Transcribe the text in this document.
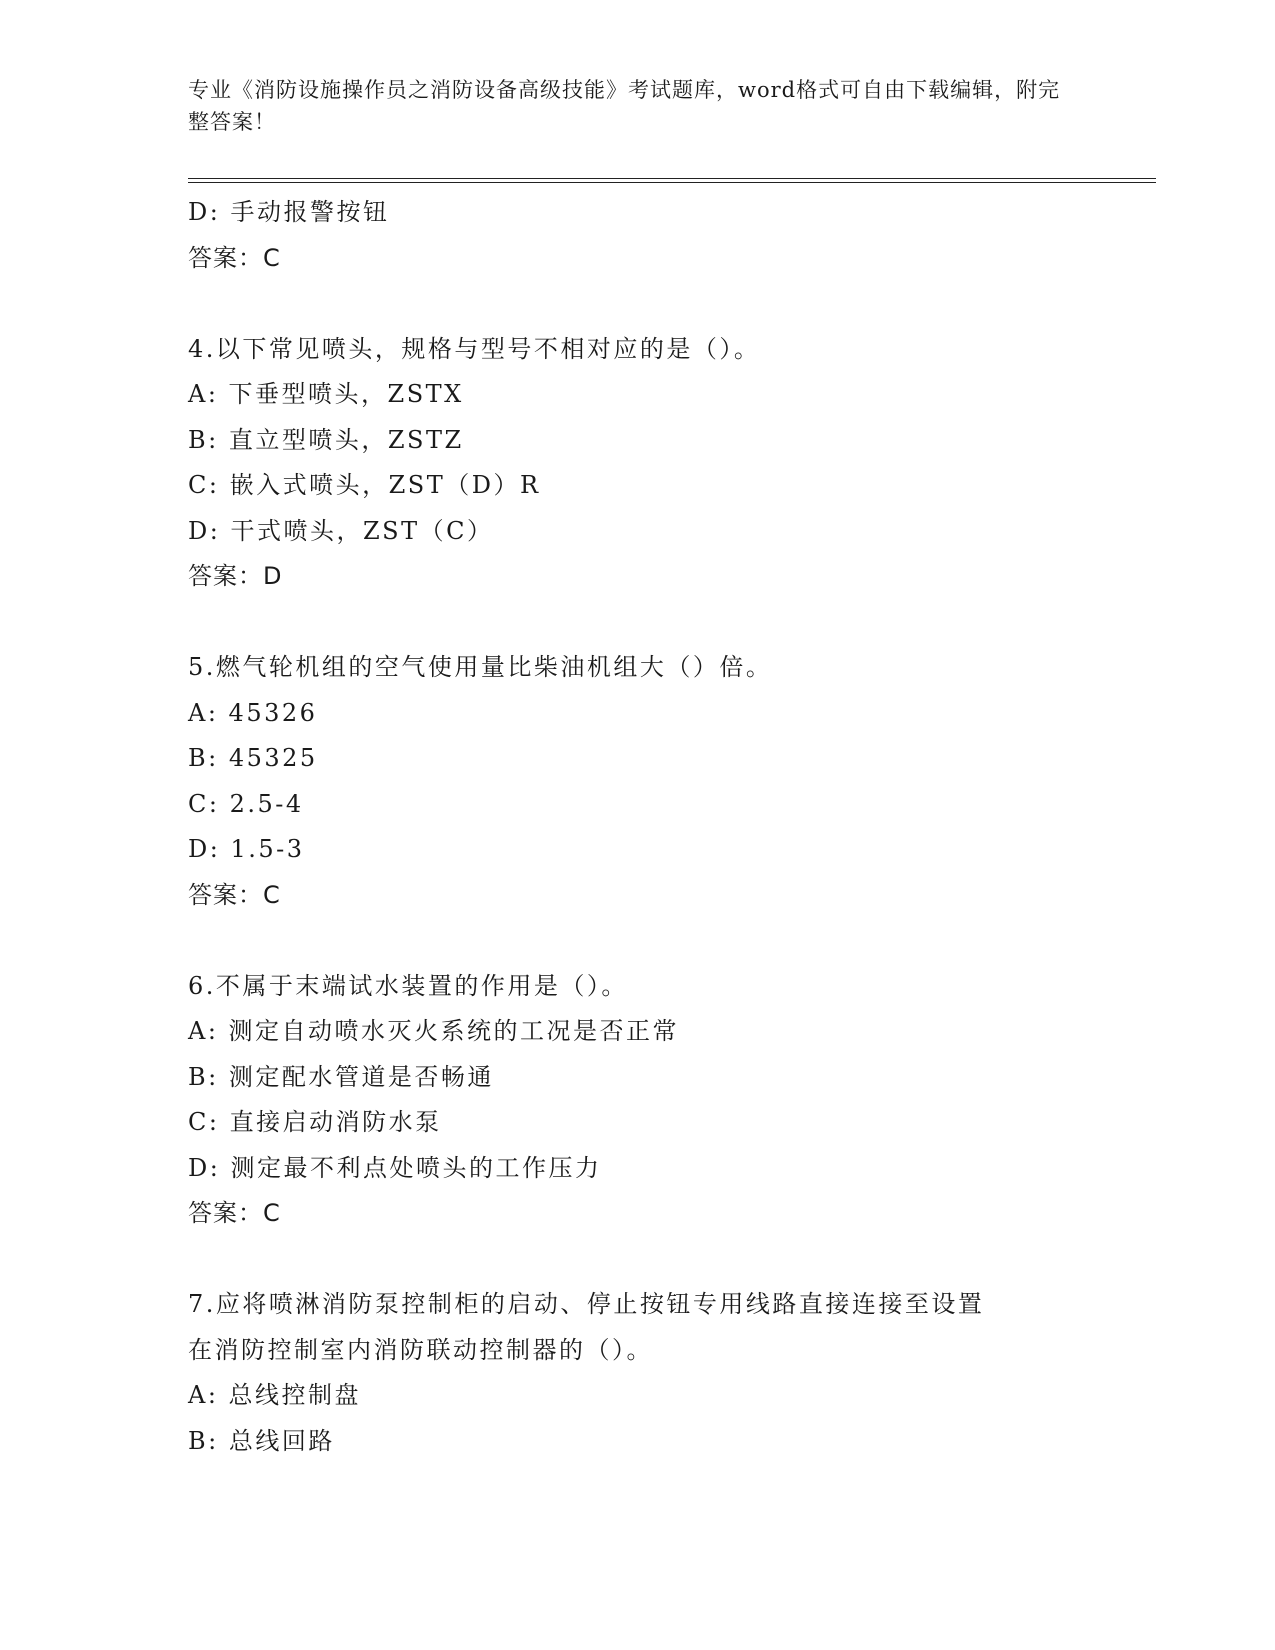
专业《消防设施操作员之消防设备高级技能》考试题库，word格式可自由下载编辑，附完整答案！
D: 手动报警按钮
答案：C
4.以下常见喷头，规格与型号不相对应的是（）。
A: 下垂型喷头，ZSTX
B: 直立型喷头，ZSTZ
C: 嵌入式喷头，ZST（D）R
D: 干式喷头，ZST（C）
答案：D
5.燃气轮机组的空气使用量比柴油机组大（）倍。
A: 45326
B: 45325
C: 2.5-4
D: 1.5-3
答案：C
6.不属于末端试水装置的作用是（）。
A: 测定自动喷水灭火系统的工况是否正常
B: 测定配水管道是否畅通
C: 直接启动消防水泵
D: 测定最不利点处喷头的工作压力
答案：C
7.应将喷淋消防泵控制柜的启动、停止按钮专用线路直接连接至设置
在消防控制室内消防联动控制器的（）。
A: 总线控制盘
B: 总线回路
